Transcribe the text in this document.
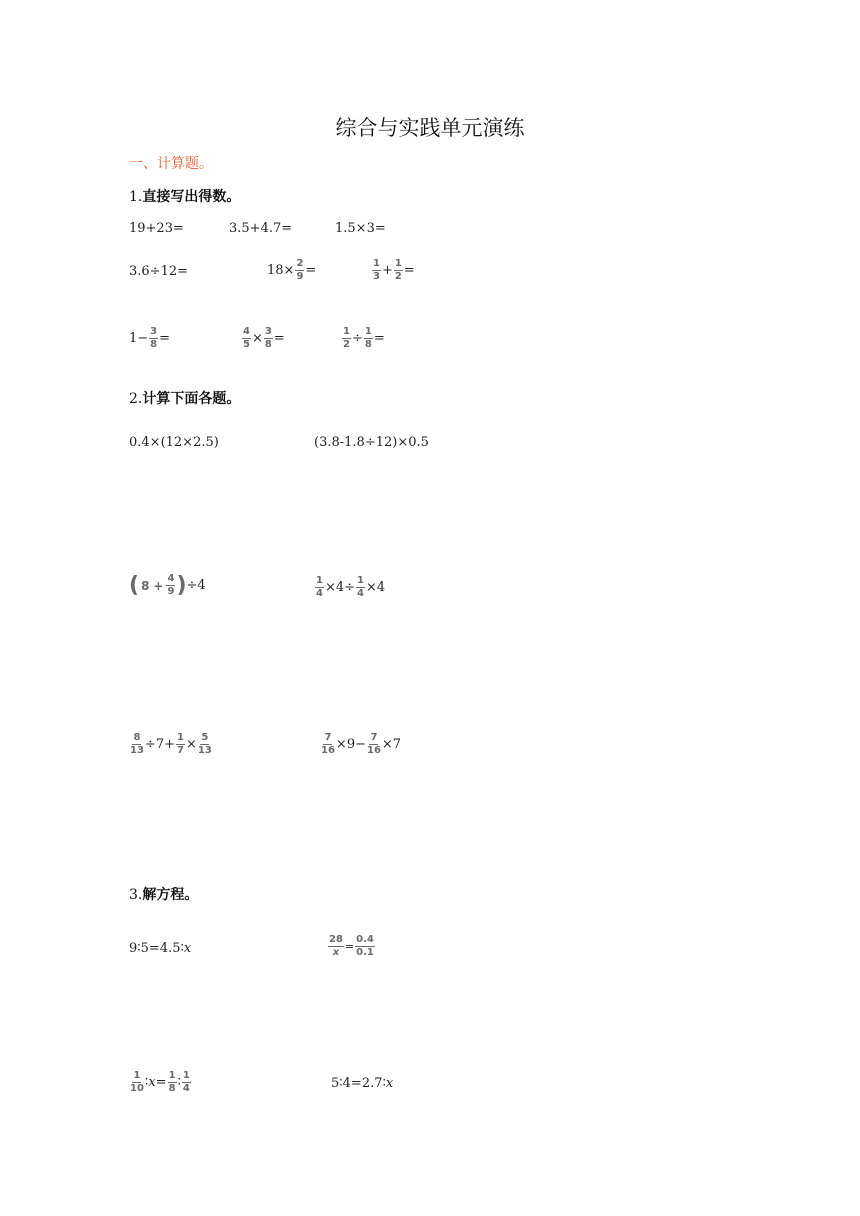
综合与实践单元演练
一、计算题。
1.直接写出得数。
19+23=	3.5+4.7=	1.5×3=
3.6÷12=	$18\times \frac{2}{9}$ =	$\frac{1}{3} + \frac{1}{2}$ =
$1- \frac{3}{8}$ =	$\frac{4}{5} \times \frac{3}{8}$ =	$\frac{1}{2} \div \frac{1}{8}$ =
2.计算下面各题。
0.4×(12×2.5)	(3.8-1.8÷12)×0.5
( $8 + \frac{4}{9}$ ) ÷4	$\frac{1}{4} \times 4\div \frac{1}{4} \times 4$
$\frac{8}{13} \div 7+ \frac{1}{7} \times \frac{5}{13}$	$\frac{7}{16} \times 9- \frac{7}{16} \times 7$
3.解方程。
9∶5=4.5∶ x	$\frac{28}{x} = \frac{0.4}{0.1}$
$\frac{1}{10}$ ∶ $x = \frac{1}{8}$ ∶ $\frac{1}{4}$	5∶4=2.7∶ x
